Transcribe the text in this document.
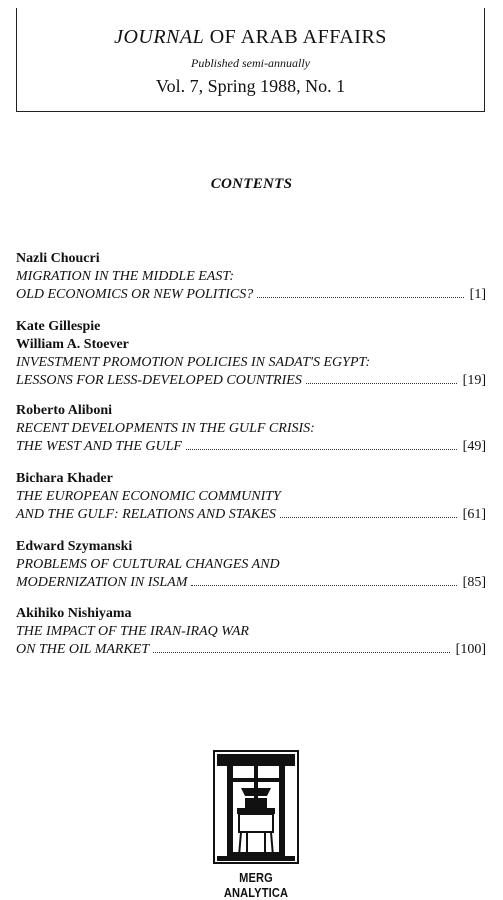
JOURNAL OF ARAB AFFAIRS
Published semi-annually
Vol. 7, Spring 1988, No. 1
CONTENTS
Nazli Choucri
MIGRATION IN THE MIDDLE EAST:
OLD ECONOMICS OR NEW POLITICS?	[1]
Kate Gillespie
William A. Stoever
INVESTMENT PROMOTION POLICIES IN SADAT'S EGYPT:
LESSONS FOR LESS-DEVELOPED COUNTRIES	[19]
Roberto Aliboni
RECENT DEVELOPMENTS IN THE GULF CRISIS:
THE WEST AND THE GULF	[49]
Bichara Khader
THE EUROPEAN ECONOMIC COMMUNITY
AND THE GULF: RELATIONS AND STAKES	[61]
Edward Szymanski
PROBLEMS OF CULTURAL CHANGES AND
MODERNIZATION IN ISLAM	[85]
Akihiko Nishiyama
THE IMPACT OF THE IRAN-IRAQ WAR
ON THE OIL MARKET	[100]
MERG ANALYTICA
